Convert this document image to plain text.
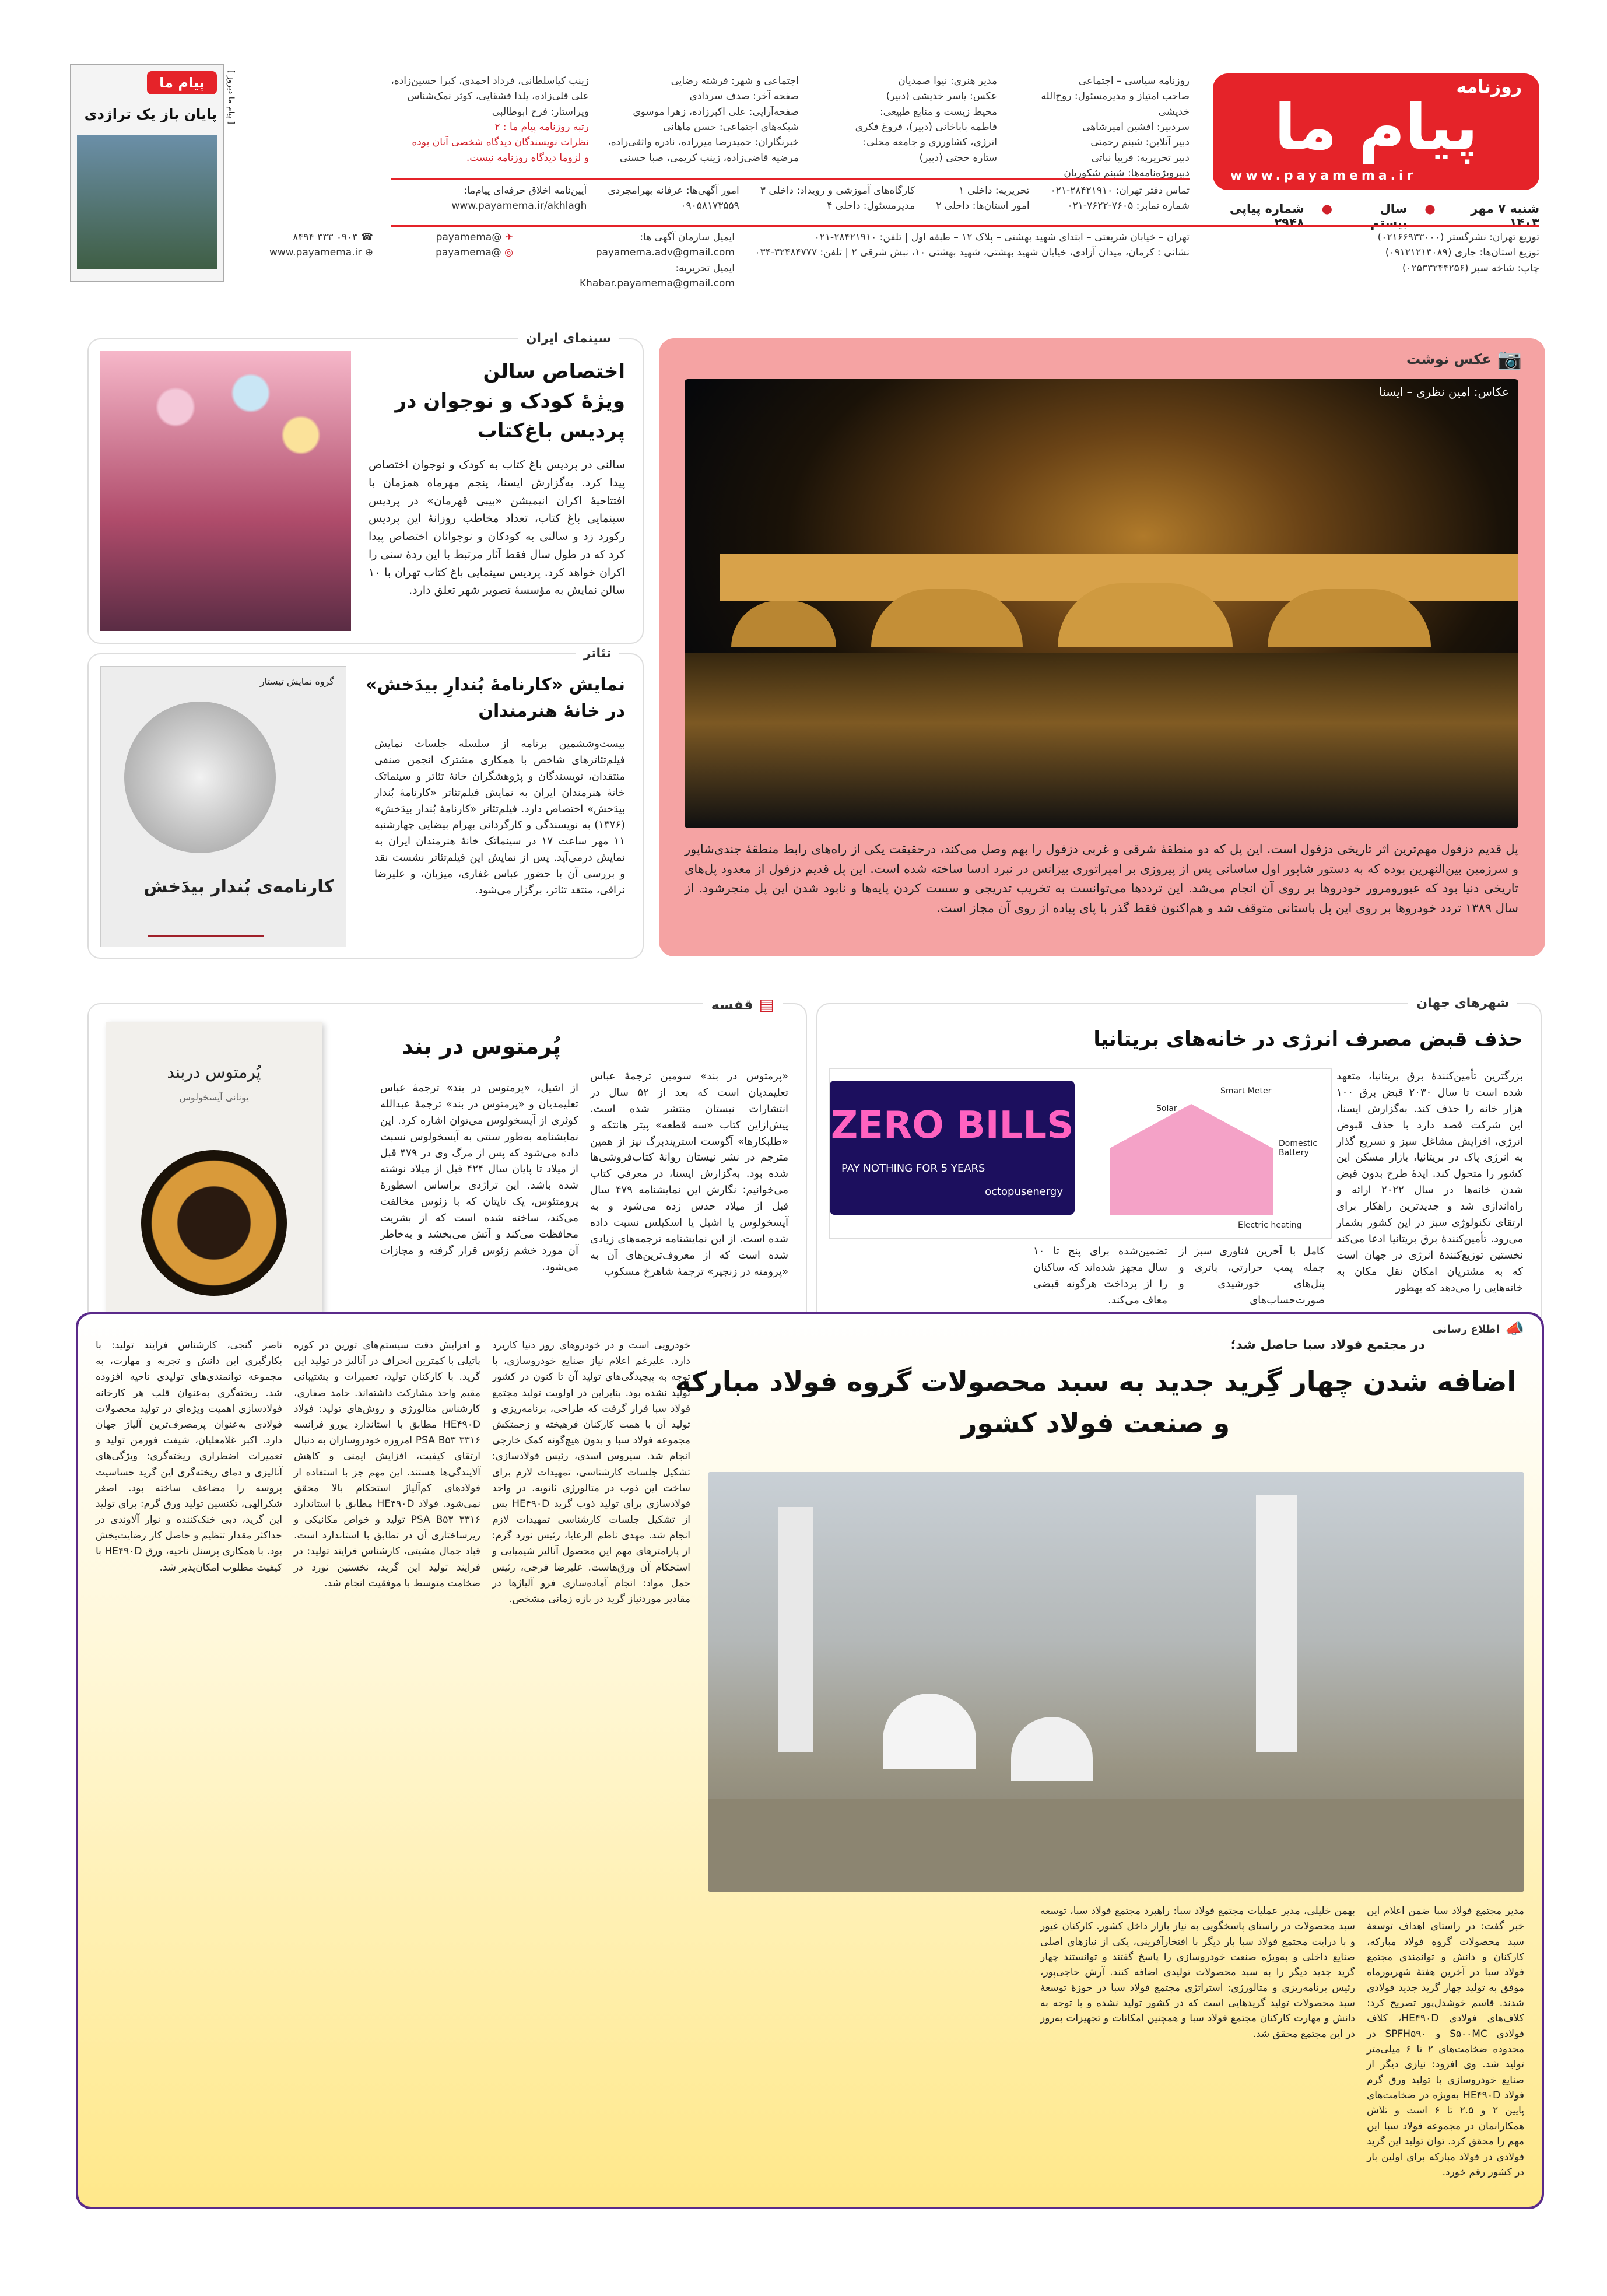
روزنامه
پیام ما
www.payamema.ir
شنبه ۷ مهر ۱۴۰۳
●
سال بیستم
●
شماره پیاپی ۲۹۴۸
روزنامه سیاسی – اجتماعی
صاحب امتیاز و مدیرمسئول: روح‌الله خدیشی
سردبیر: افشین امیرشاهی
دبیر آنلاین: شبنم رحمتی
دبیر تحریریه: فریبا نباتی
دبیرویژه‌نامه‌ها: شبنم شکوریان
مدیر هنری: نیوا صمدیان
عکس: یاسر خدیشی (دبیر)
محیط زیست و منابع طبیعی:
فاطمه باباخانی (دبیر)، فروغ فکری
انرژی، کشاورزی و جامعه محلی:
ستاره حجتی (دبیر)
اجتماعی و شهر: فرشته رضایی
صفحه آخر: صدف سردادی
صفحه‌آرایی: علی اکبرزاده، زهرا موسوی
شبکه‌های اجتماعی: حسن ماهانی
خبرنگاران: حمیدرضا میرزاده، نادره واثقی‌زاده،
مرضیه قاضی‌زاده، زینب کریمی، صبا حسنی
زینب کیاسلطانی، فرداد احمدی، کبرا حسین‌زاده،
علی قلی‌زاده، یلدا قشقایی، کوثر نمک‌شناس
ویراستار: فرح ابوطالبی
رتبه روزنامه پیام ما : ۲
نظرات نویسندگان دیدگاه شخصی آنان بوده
و لزوما دیدگاه روزنامه نیست.
تماس دفتر تهران: ۲۸۴۲۱۹۱۰-۰۲۱
شماره نمابر: ۷۶۰۵-۷۶۲۲-۰۲۱
تحریریه: داخلی ۱
امور استان‌ها: داخلی ۲
کارگاه‌های آموزشی و رویداد: داخلی ۳
مدیرمسئول: داخلی ۴
امور آگهی‌ها: عرفانه بهرامجردی
۰۹۰۵۸۱۷۳۵۵۹
آیین‌نامه اخلاق حرفه‌ای پیام‌ما:
www.payamema.ir/akhlagh
تهران – خیابان شریعتی – ابتدای شهید بهشتی – پلاک ۱۲ – طبقه اول | تلفن: ۲۸۴۲۱۹۱۰-۰۲۱
نشانی : کرمان، میدان آزادی، خیابان شهید بهشتی، شهید بهشتی ۱۰، نبش شرقی ۲ | تلفن: ۳۲۴۸۴۷۷۷-۰۳۴
توزیع تهران: نشرگستر (۰۲۱۶۶۹۳۳۰۰۰)
توزیع استان‌ها: جاری (۰۹۱۲۱۲۱۳۰۸۹)
چاپ: شاخه سبز (۰۲۵۳۳۲۴۴۲۵۶)
ایمیل سازمان آگهی ها: payamema.adv@gmail.com
ایمیل تحریریه: Khabar.payamema@gmail.com
✈ @payamema
◎ @payamema
☎ ۰۹۰۳ ۳۳۳ ۸۴۹۴
⊕ www.payamema.ir
پیام ما
پایان باز یک تراژدی [ پیام ما دیروز ]
📷
عکس نوشت
عکاس: امین نظری – ایسنا
پل قدیم دزفول مهم‌ترین اثر تاریخی دزفول است. این پل که دو منطقهٔ شرقی و غربی دزفول را بهم وصل می‌کند، درحقیقت یکی از راه‌های رابط منطقهٔ جندی‌شاپور و سرزمین بین‌النهرین بوده که به دستور شاپور اول ساسانی پس از پیروزی بر امپراتوری بیزانس در نبرد ادسا ساخته شده است. این پل قدیم دزفول از معدود پل‌های تاریخی دنیا بود که عبورومرور خودروها بر روی آن انجام می‌شد. این ترددها می‌توانست به تخریب تدریجی و سست کردن پایه‌ها و نابود شدن این پل منجرشود. از سال ۱۳۸۹ تردد خودروها بر روی این پل باستانی متوقف شد و هم‌اکنون فقط گذر با پای پیاده از روی آن مجاز است.
سینمای ایران
اختصاص سالن
ویژهٔ کودک و نوجوان در
پردیس باغ‌کتاب
سالنی در پردیس باغ کتاب به کودک و نوجوان اختصاص پیدا کرد. به‌گزارش ایسنا، پنجم مهرماه همزمان با افتتاحیهٔ اکران انیمیشن «بیبی قهرمان» در پردیس سینمایی باغ کتاب، تعداد مخاطب روزانهٔ این پردیس رکورد زد و سالنی به کودکان و نوجوانان اختصاص پیدا کرد که در طول سال فقط آثار مرتبط با این ردهٔ سنی را اکران خواهد کرد. پردیس سینمایی باغ کتاب تهران با ۱۰ سالن نمایش به مؤسسهٔ تصویر شهر تعلق دارد.
تئاتر
نمایش «کارنامهٔ بُندارِ بیدَخش»
در خانهٔ هنرمندان
بیست‌وششمین برنامه از سلسله جلسات نمایش فیلم‌تئاترهای شاخص با همکاری مشترک انجمن صنفی منتقدان، نویسندگان و پژوهشگران خانهٔ تئاتر و سینماتک خانهٔ هنرمندان ایران به نمایش فیلم‌تئاتر «کارنامهٔ بُندار بیدَخش» اختصاص دارد. فیلم‌تئاتر «کارنامهٔ بُندار بیدَخش» (۱۳۷۶) به نویسندگی و کارگردانی بهرام بیضایی چهارشنبه ۱۱ مهر ساعت ۱۷ در سینماتک خانهٔ هنرمندان ایران به نمایش درمی‌آید. پس از نمایش این فیلم‌تئاتر نشست نقد و بررسی آن با حضور عباس غفاری، میزبان، و علیرضا نراقی، منتقد تئاتر، برگزار می‌شود.
گروه نمایش تیستار
کارنامه‌ی بُندار بیدَخش
شهرهای جهان
حذف قبض مصرف انرژی در خانه‌های بریتانیا
بزرگترین تأمین‌کنندهٔ برق بریتانیا، متعهد شده است تا سال ۲۰۳۰ قبض برق ۱۰۰ هزار خانه را حذف کند. به‌گزارش ایسنا، این شرکت قصد دارد با حذف قبوض انرژی، افزایش مشاغل سبز و تسریع گذار به انرژی پاک در بریتانیا، بازار مسکن این کشور را متحول کند. ایدهٔ طرح بدون قبض شدن خانه‌ها در سال ۲۰۲۲ ارائه و راه‌اندازی شد و جدیدترین راهکار برای ارتقای تکنولوژی سبز در این کشور بشمار می‌رود. تأمین‌کنندهٔ برق بریتانیا ادعا می‌کند نخستین توزیع‌کنندهٔ انرژی در جهان است که به مشتریان امکان نقل مکان به خانه‌هایی را می‌دهد که بهطور
ZERO BILLS
PAY NOTHING FOR 5 YEARS
octopusenergy
Smart Meter
Solar
Domestic Battery
Electric heating
کامل با آخرین فناوری سبز از جمله پمپ حرارتی، باتری و پنل‌های خورشیدی و صورت‌حساب‌های
تضمین‌شده برای پنج تا ۱۰ سال مجهز شده‌اند که ساکنان را از پرداخت هرگونه قبضی معاف می‌کند.
▤
قفسه
پُرمتوس در بند
«پرمتوس در بند» سومین ترجمهٔ عباس تعلیمدیان است که بعد از ۵۲ سال در انتشارات نیستان منتشر شده است. پیش‌ازاین کتاب «سه قطعه» پیتر هانتکه و «طلبکارها» آگوست استریندبرگ نیز از همین مترجم در نشر نیستان روانهٔ کتاب‌فروشی‌ها شده بود. به‌گزارش ایسنا، در معرفی کتاب می‌خوانیم: نگارش این نمایشنامه ۴۷۹ سال قبل از میلاد حدس زده می‌شود و به آیسخولوس یا اشیل یا اسکیلس نسبت داده شده است. از این نمایشنامه ترجمه‌های زیادی شده است که از معروف‌ترین‌های آن به «پرومته در زنجیر» ترجمهٔ شاهرخ مسکوب
از اشیل، «پرمتوس در بند» ترجمهٔ عباس تعلیمدیان و «پرمتوس در بند» ترجمهٔ عبدالله کوثری از آیسخولوس می‌توان اشاره کرد. این نمایشنامه به‌طور سنتی به آیسخولوس نسبت داده می‌شود که پس از مرگ وی در ۴۷۹ قبل از میلاد تا پایان سال ۴۲۴ قبل از میلاد نوشته شده باشد. این تراژدی براساس اسطورهٔ پرومتئوس، یک تایتان که با زئوس مخالفت می‌کند، ساخته شده است که از بشریت محافظت می‌کند و آتش می‌بخشد و به‌خاطر آن مورد خشم زئوس قرار گرفته و مجازات می‌شود.
پُرمتوس دربند
یونانی آیسخولوس
📣
اطلاع رسانی
در مجتمع فولاد سبا حاصل شد؛
اضافه شدن چهار گِرید جدید به سبد محصولات گروه فولاد مبارکه
و صنعت فولاد کشور
مدیر مجتمع فولاد سبا ضمن اعلام این خبر گفت: در راستای اهداف توسعهٔ سبد محصولات گروه فولاد مبارکه، کارکنان و دانش و توانمندی مجتمع فولاد سبا در آخرین هفتهٔ شهریورماه موفق به تولید چهار گرید جدید فولادی شدند. قاسم خوشدل‌پور تصریح کرد: کلاف‌های فولادی HE۴۹۰D، کلاف فولادی S۵۰۰MC و SPFH۵۹۰ در محدوده ضخامت‌های ۲ تا ۶ میلی‌متر تولید شد. وی افزود: نیازی دیگر از صنایع خودروسازی با تولید ورق گرم فولاد HE۴۹۰D به‌ویژه در ضخامت‌های پایین ۲ و ۲.۵ تا ۶ است و تلاش همکارانمان در مجموعه فولاد سبا این مهم را محقق کرد. توان تولید این گرید فولادی در فولاد مبارکه برای اولین بار در کشور رقم خورد.
بهمن خلیلی، مدیر عملیات مجتمع فولاد سبا: راهبرد مجتمع فولاد سبا، توسعه سبد محصولات در راستای پاسخگویی به نیاز بازار داخل کشور. کارکنان غیور و با درایت مجتمع فولاد سبا بار دیگر با افتخارآفرینی، یکی از نیازهای اصلی صنایع داخلی و به‌ویژه صنعت خودروسازی را پاسخ گفتند و توانستند چهار گرید جدید دیگر را به سبد محصولات تولیدی اضافه کنند. آرش حاجی‌پور، رئیس برنامه‌ریزی و متالورژی: استراتژی مجتمع فولاد سبا در حوزهٔ توسعهٔ سبد محصولات تولید گریدهایی است که در کشور تولید نشده و با توجه به دانش و مهارت کارکنان مجتمع فولاد سبا و همچنین امکانات و تجهیزات به‌روز در این مجتمع محقق شد.
خودرویی است و در خودروهای روز دنیا کاربرد دارد. علیرغم اعلام نیاز صنایع خودروسازی، با توجه به پیچیدگی‌های تولید آن تا کنون در کشور تولید نشده بود. بنابراین در اولویت تولید مجتمع فولاد سبا قرار گرفت که طراحی، برنامه‌ریزی و تولید آن با همت کارکنان فرهیخته و زحمتکش مجموعه فولاد سبا و بدون هیچ‌گونه کمک خارجی انجام شد. سیروس اسدی، رئیس فولادسازی: تشکیل جلسات کارشناسی، تمهیدات لازم برای ساخت این ذوب در متالورژی ثانویه. در واحد فولادسازی برای تولید ذوب گرید HE۴۹۰D پس از تشکیل جلسات کارشناسی تمهیدات لازم انجام شد. مهدی ناظم الرعایا، رئیس نورد گرم: از پارامترهای مهم این محصول آنالیز شیمیایی و استحکام آن ورق‌هاست. علیرضا فرجی، رئیس حمل مواد: انجام آماده‌سازی فرو آلیاژها در مقادیر موردنیاز گرید در بازه زمانی مشخص.
و افزایش دقت سیستم‌های توزین در کوره پاتیلی با کمترین انحراف در آنالیز در تولید این گرید. با کارکنان تولید، تعمیرات و پشتیبانی مقیم واحد مشارکت داشته‌اند. حامد صفاری، کارشناس متالورژی و روش‌های تولید: فولاد HE۴۹۰D مطابق با استاندارد یورو فرانسه PSA B۵۳ ۳۳۱۶ امروزه خودروسازان به دنبال ارتقای کیفیت، افزایش ایمنی و کاهش آلایندگی‌ها هستند. این مهم جز با استفاده از فولادهای کم‌آلیاژ استحکام بالا محقق نمی‌شود. فولاد HE۴۹۰D مطابق با استاندارد PSA B۵۳ ۳۳۱۶ تولید و خواص مکانیکی و ریزساختاری آن در تطابق با استاندارد است. قباد جمال مشیتی، کارشناس فرایند تولید: در فرایند تولید این گرید، نخستین نورد در ضخامت متوسط با موفقیت انجام شد.
ناصر گنجی، کارشناس فرایند تولید: با بکارگیری این دانش و تجربه و مهارت، به مجموعه توانمندی‌های تولیدی ناحیه افزوده شد. ریخته‌گری به‌عنوان قلب هر کارخانه فولادسازی اهمیت ویژه‌ای در تولید محصولات فولادی به‌عنوان پرمصرف‌ترین آلیاژ جهان دارد. اکبر غلامعلیان، شیفت فورمن تولید و تعمیرات اضطراری ریخته‌گری: ویژگی‌های آنالیزی و دمای ریخته‌گری این گرید حساسیت پروسه را مضاعف ساخته بود. اصغر شکرالهی، تکنسین تولید ورق گرم: برای تولید این گرید، دبی خنک‌کننده و نوار آلاوندی در حداکثر مقدار تنظیم و حاصل کار رضایت‌بخش بود. با همکاری پرسنل ناحیه، ورق HE۴۹۰D با کیفیت مطلوب امکان‌پذیر شد.
